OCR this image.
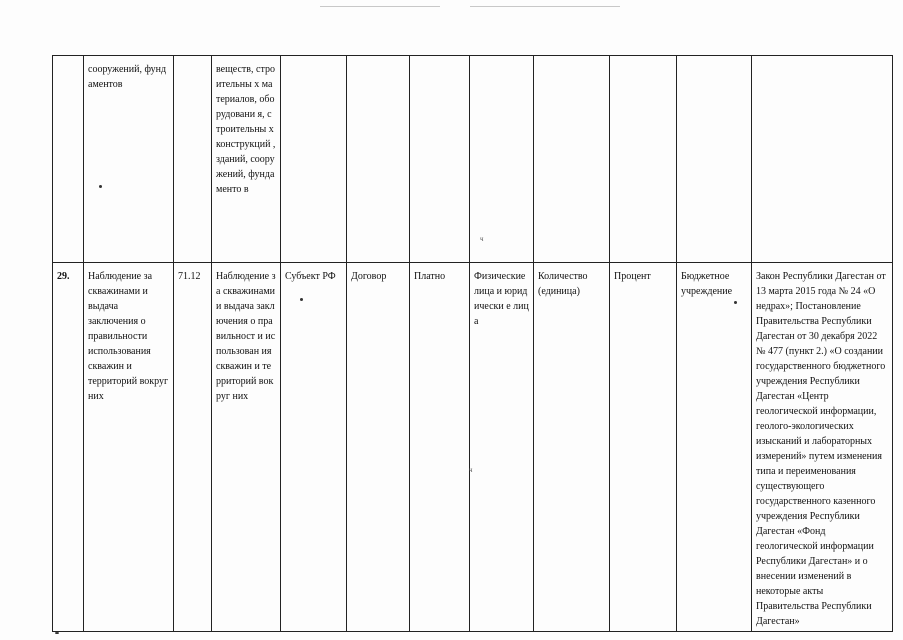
	сооружений, фундаментов		веществ, строительны х материалов, оборудовани я, строительны х конструкций , зданий, сооружений, фундаменто в								
29.	Наблюдение за скважинами и выдача заключения о правильности использования скважин и территорий вокруг них	71.12	Наблюдение за скважинами и выдача заключения о правильност и использован ия скважин и территорий вокруг них	Субъект РФ	Договор	Платно	Физические лица и юридически е лица	Количество (единица)	Процент	Бюджетное учреждение	Закон Республики Дагестан от 13 марта 2015 года № 24 «О недрах»; Постановление Правительства Республики Дагестан от 30 декабря 2022 № 477 (пункт 2.) «О создании государственного бюджетного учреждения Республики Дагестан «Центр геологической информации, геолого-экологических изысканий и лабораторных измерений» путем изменения типа и переименования существующего государственного казенного учреждения Республики Дагестан «Фонд геологической информации Республики Дагестан» и о внесении изменений в некоторые акты Правительства Республики Дагестан»
ч
ч
